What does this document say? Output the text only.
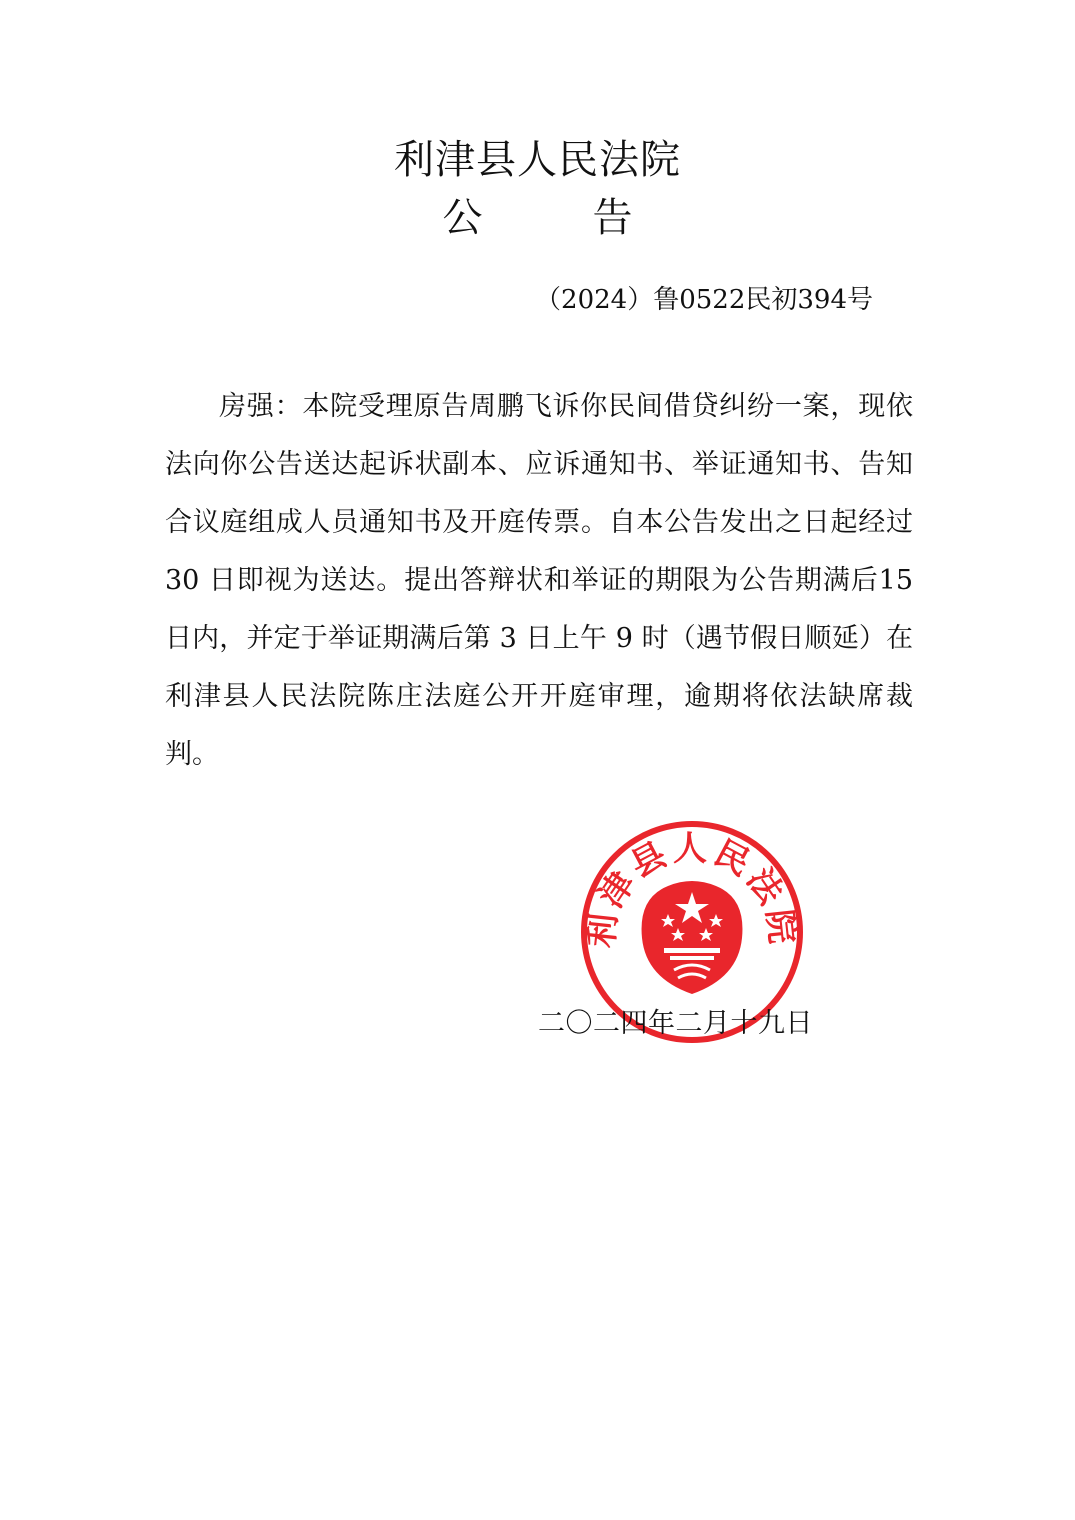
利津县人民法院
公	告
（2024）鲁0522民初394号

房强：本院受理原告周鹏飞诉你民间借贷纠纷一案，现依法向你公告送达起诉状副本、应诉通知书、举证通知书、告知合议庭组成人员通知书及开庭传票。自本公告发出之日起经过 30 日即视为送达。提出答辩状和举证的期限为公告期满后15日内，并定于举证期满后第 3 日上午 9 时（遇节假日顺延）在利津县人民法院陈庄法庭公开开庭审理，逾期将依法缺席裁判。

利津县人民法院
二〇二四年二月十九日
